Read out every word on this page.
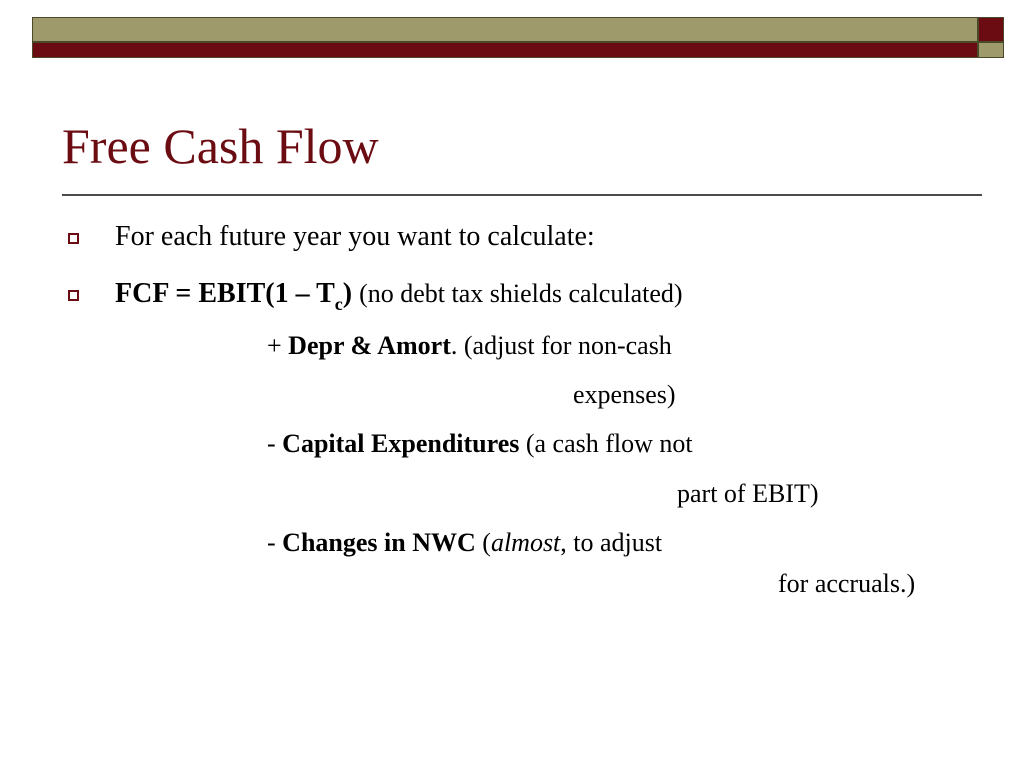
Free Cash Flow
For each future year you want to calculate:
FCF = EBIT(1 – $T_c$) (no debt tax shields calculated)
+ Depr & Amort. (adjust for non-cash
expenses)
- Capital Expenditures (a cash flow not
part of EBIT)
- Changes in NWC (almost, to adjust
for accruals.)
